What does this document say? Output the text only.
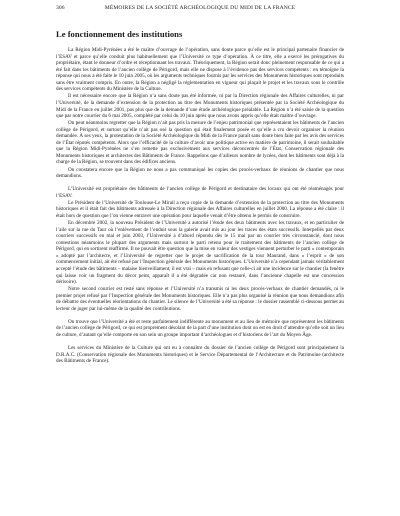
306	MÉMOIRES DE LA SOCIÉTÉ ARCHÉOLOGIQUE DU MIDI DE LA FRANCE
Le fonctionnement des institutions

La Région Midi-Pyrénées a été le maître d’ouvrage de l’opération, sans doute parce qu’elle est le principal partenaire financier de l’ESAV et parce qu’elle conduit plus habituellement que l’Université ce type d’opération. À ce titre, elle a exercé les prérogatives du propriétaire, étant le donneur d’ordre et réceptionnant les travaux. Théoriquement, la Région serait donc pleinement responsable de ce qui a été fait dans les bâtiments de l’ancien collège de Périgord, mais elle ne dispose à l’évidence pas des services compétents : en témoigne la réponse qui nous a été faite le 10 juin 2005, où les arguments techniques fournis par les services des Monuments historiques sont reproduits sans être vraiment compris. En outre, la Région a négligé la réglementation en vigueur qui plaçait le projet et les travaux sous le contrôle des services compétents du Ministère de la Culture.

Il est nécessaire encore que la Région n’a sans doute pas été informée, ni par la Direction régionale des Affaires culturelles, ni par l’Université, de la demande d’extension de la protection au titre des Monuments historiques présentée par la Société Archéologique du Midi de la France en juillet 2001, pas plus que de la demande d’une étude archéologique préalable. La Région n’a été saisie de la question que par notre courrier du 6 mai 2005, complété par celui du 10 juin après que nous avons appris qu’elle était maître d’ouvrage.

On peut néanmoins regretter que la Région n’ait pas pris la mesure de l’enjeu patrimonial que représentaient les bâtiments de l’ancien collège de Périgord, et surtout qu’elle n’ait pas osé la question qui était finalement posée et qu’elle a cru devoir organiser la réunion demandée. À ses yeux, la protestation de la Société Archéologique du Midi de la France paraît sans doute bien faite par les avis des services de l’État réputés compétents. Alors que l’efficacité de la culture d’avoir une politique active en matière de patrimoine, il serait souhaitable que la Région Midi-Pyrénées ne s’en remette pas exclusivement aux services déconcentrés de l’État, Conservation régionale des Monuments historiques et architectes des Bâtiments de France. Rappelons que d’ailleurs nombre de lycées, dont les bâtiments sont déjà à la charge de la Région, se trouvent dans des édifices anciens.

On constatera encore que la Région ne nous a pas communiqué les copies des procès-verbaux de réunions de chantier que nous demandions.

L’Université est propriétaire des bâtiments de l’ancien collège de Périgord et destinataire des locaux qui ont été réaménagés pour l’ESAV.

Le Président de l’Université de Toulouse-Le Mirail a reçu copie de la demande d’extension de la protection au titre des Monuments historiques et il était fait des bâtiments adressée à la Direction régionale des Affaires culturelles en juillet 2000. La réponse a été claire : il était hors de question que l’on vienne entraver une opération pour laquelle venait d’être obtenu le permis de construire.

En décembre 2002, la nouveau Président de l’Université a autorisé l’étude des deux bâtiments avec les travaux, et en particulier de l’aile sur la rue du Taur où l’enlèvement de l’enduit sous la galerie avait mis au jour les traces des états successifs. Interpellés par deux courriers successifs en mai et juin 2003, l’Université a d’abord répondu dès le 15 mai par un courrier très circonstancié, dont nous contestions néanmoins le plupart des arguments mais surtout le parti retenu pour le traitement des bâtiments de l’ancien collège de Périgord, qui en sortirent réaffirmé. Il ne pouvait être question que la mise en valeur des vestiges viennent perturber le parti « contemporain » adopté par l’architecte, et l’Université de regretter que le projet de sacrification de la tour Maurand, dans « l’esprit » de son commencement initial, ait été refusé par l’Inspection générale des Monuments historiques. L’Université n’a cependant jamais véritablement accepté l’étude des bâtiments – malaise bienveillament, il est vrai – mais en refusant que celle-ci ait une incidence sur le chantier (la fenêtre qui laisse voir un fragment du décor peint, apparaît il a été dégradée car non restauré, dans l’ancienne chapelle est une concession dérisoire).

Notre second courrier est resté sans réponse et l’Université n’a transmis ni les deux procès-verbaux de chantier demandés, ni le premier projet refusé par l’Inspection générale des Monuments historiques. Elle n’a pas plus organisé la réunion que nous demandions afin de débattre des éventuelles réorientations du chantier. Le silence de l’Université a été sa réponse : le dossier rassemblé ci-dessous permet au lecteur de juger par lui-même de la qualité des contributions.

On trouve que l’Université a été et reste parfaitement indifférente au monument et au lieu de mémoire que représentent les bâtiments de l’ancien collège de Périgord, ce qui est proprement désolant de la part d’une institution dont on est en droit d’attendre qu’elle soit un lieu de culture, d’autant qu’elle comporte en son sein un groupe important d’archéologues et d’historiens de l’art du Moyen Âge.

Les services du Ministère de la Culture qui ont eu à connaître du dossier de l’ancien collège de Périgord sont principalement la D.R.A.C. (Conservation régionale des Monuments historiques) et le Service Départemental de l’Architecture et du Patrimoine (architecte des Bâtiments de France).
